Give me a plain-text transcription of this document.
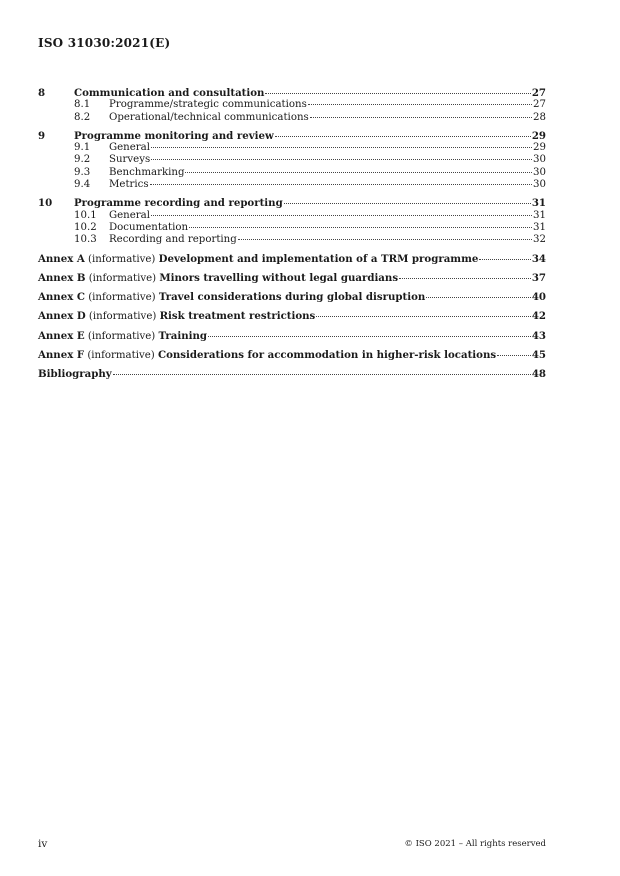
ISO 31030:2021(E)
8	Communication and consultation	27
8.1	Programme/strategic communications	27
8.2	Operational/technical communications	28
9	Programme monitoring and review	29
9.1	General	29
9.2	Surveys	30
9.3	Benchmarking	30
9.4	Metrics	30
10	Programme recording and reporting	31
10.1	General	31
10.2	Documentation	31
10.3	Recording and reporting	32
Annex A (informative) Development and implementation of a TRM programme	34
Annex B (informative) Minors travelling without legal guardians	37
Annex C (informative) Travel considerations during global disruption	40
Annex D (informative) Risk treatment restrictions	42
Annex E (informative) Training	43
Annex F (informative) Considerations for accommodation in higher-risk locations	45
Bibliography	48
iv	© ISO 2021 – All rights reserved
